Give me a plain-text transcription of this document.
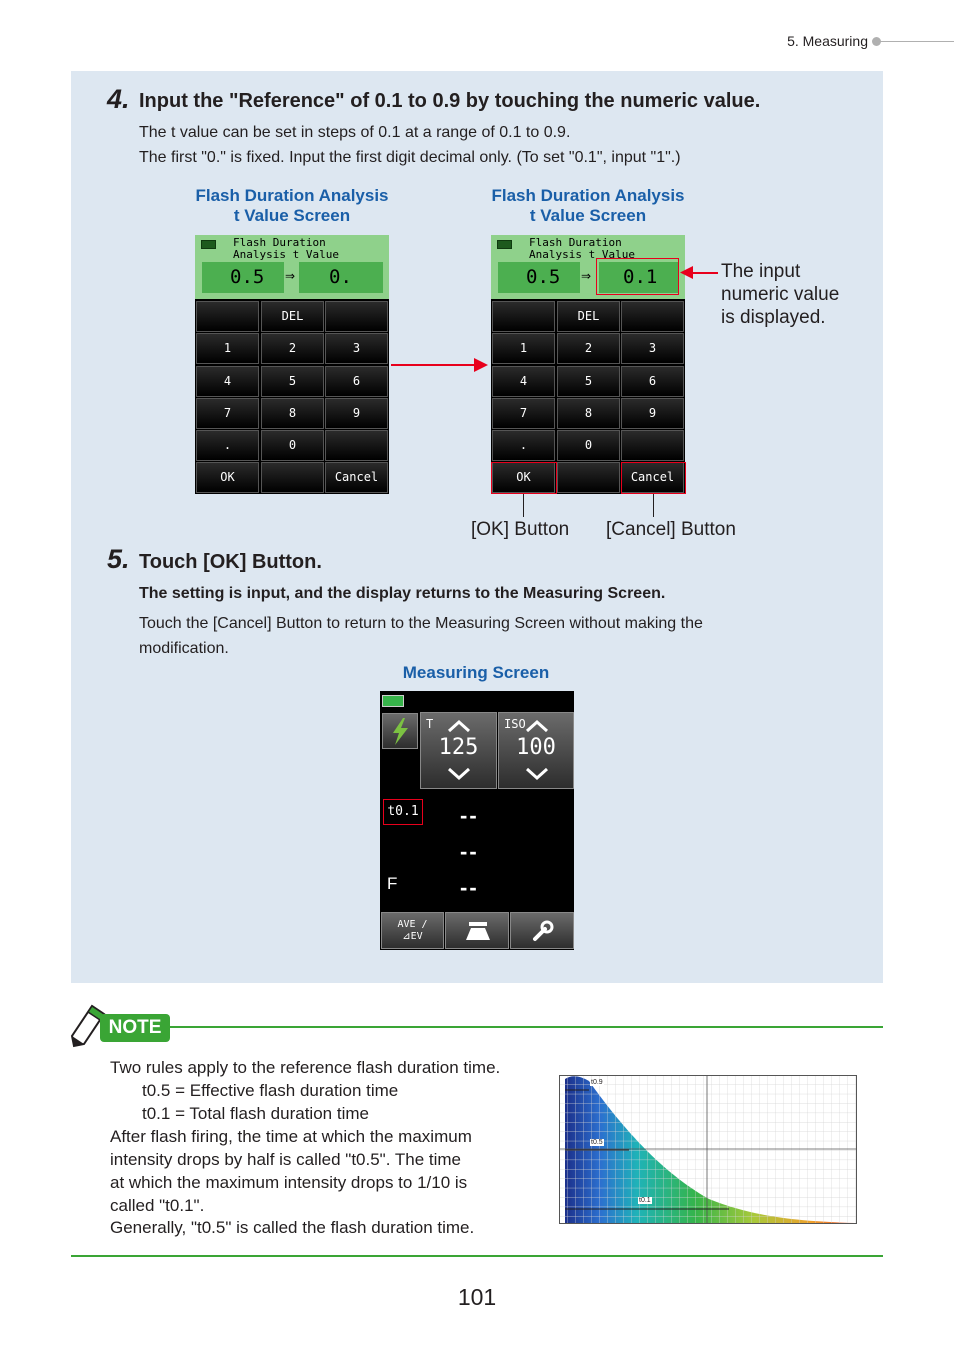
5. Measuring
4. Input the "Reference" of 0.1 to 0.9 by touching the numeric value.
The t value can be set in steps of 0.1 at a range of 0.1 to 0.9.
The first "0." is fixed. Input the first digit decimal only. (To set "0.1", input "1".)
Flash Duration Analysis
t Value Screen
Flash Duration Analysis
t Value Screen
Flash Duration
Analysis t Value
0.5	⇒	0.
DEL
1	2	3
4	5	6
7	8	9
.	0
OK	Cancel
Flash Duration
Analysis t Value
0.5	⇒	0.1
DEL
1	2	3
4	5	6
7	8	9
.	0
OK	Cancel
The input
numeric value
is displayed.
[OK] Button [Cancel] Button
5. Touch [OK] Button.
The setting is input, and the display returns to the Measuring Screen.
Touch the [Cancel] Button to return to the Measuring Screen without making the
modification.
Measuring Screen
T
125
ISO
100
t0.1 --
--
F	--
AVE /
⊿EV
NOTE
Two rules apply to the reference flash duration time.
t0.5 = Effective flash duration time
t0.1 = Total flash duration time
After flash firing, the time at which the maximum
intensity drops by half is called "t0.5". The time
at which the maximum intensity drops to 1/10 is
called "t0.1".
Generally, "t0.5" is called the flash duration time.
t0.9
t0.5
t0.1
101
